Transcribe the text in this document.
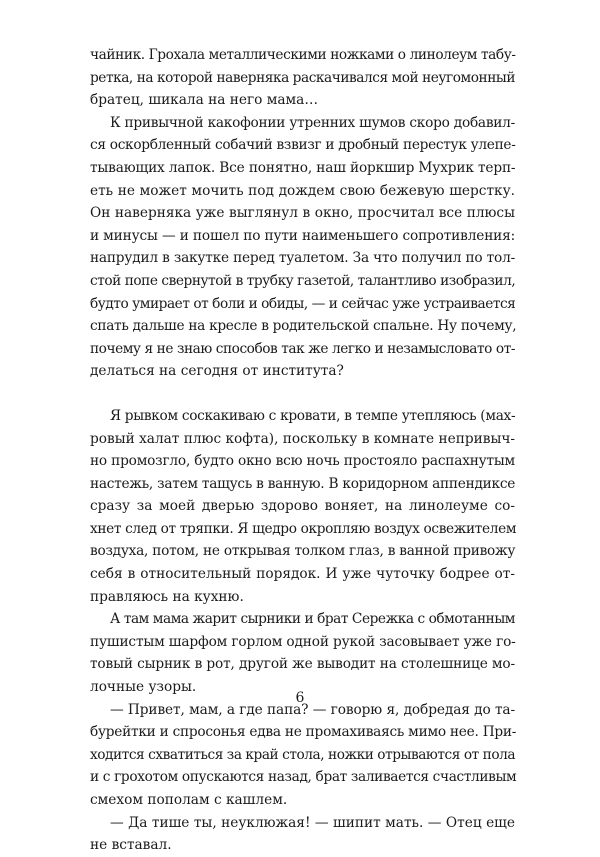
чайник. Грохала металлическими ножками о линолеум табу-
ретка, на которой наверняка раскачивался мой неугомонный
братец, шикала на него мама…
К привычной какофонии утренних шумов скоро добавил-
ся оскорбленный собачий взвизг и дробный перестук улепе-
тывающих лапок. Все понятно, наш йоркшир Мухрик терп-
еть не может мочить под дождем свою бежевую шерстку.
Он наверняка уже выглянул в окно, просчитал все плюсы
и минусы — и пошел по пути наименьшего сопротивления:
напрудил в закутке перед туалетом. За что получил по тол-
стой попе свернутой в трубку газетой, талантливо изобразил,
будто умирает от боли и обиды, — и сейчас уже устраивается
спать дальше на кресле в родительской спальне. Ну почему,
почему я не знаю способов так же легко и незамысловато от-
делаться на сегодня от института?
Я рывком соскакиваю с кровати, в темпе утепляюсь (мах-
ровый халат плюс кофта), поскольку в комнате непривыч-
но промозгло, будто окно всю ночь простояло распахнутым
настежь, затем тащусь в ванную. В коридорном аппендиксе
сразу за моей дверью здорово воняет, на линолеуме со-
хнет след от тряпки. Я щедро окропляю воздух освежителем
воздуха, потом, не открывая толком глаз, в ванной привожу
себя в относительный порядок. И уже чуточку бодрее от-
правляюсь на кухню.
А там мама жарит сырники и брат Сережка с обмотанным
пушистым шарфом горлом одной рукой засовывает уже го-
товый сырник в рот, другой же выводит на столешнице мо-
лочные узоры.
— Привет, мам, а где папа? — говорю я, добредая до та-
бурейтки и спросонья едва не промахиваясь мимо нее. При-
ходится схватиться за край стола, ножки отрываются от пола
и с грохотом опускаются назад, брат заливается счастливым
смехом пополам с кашлем.
— Да тише ты, неуклюжая! — шипит мать. — Отец еще
не вставал.
6
